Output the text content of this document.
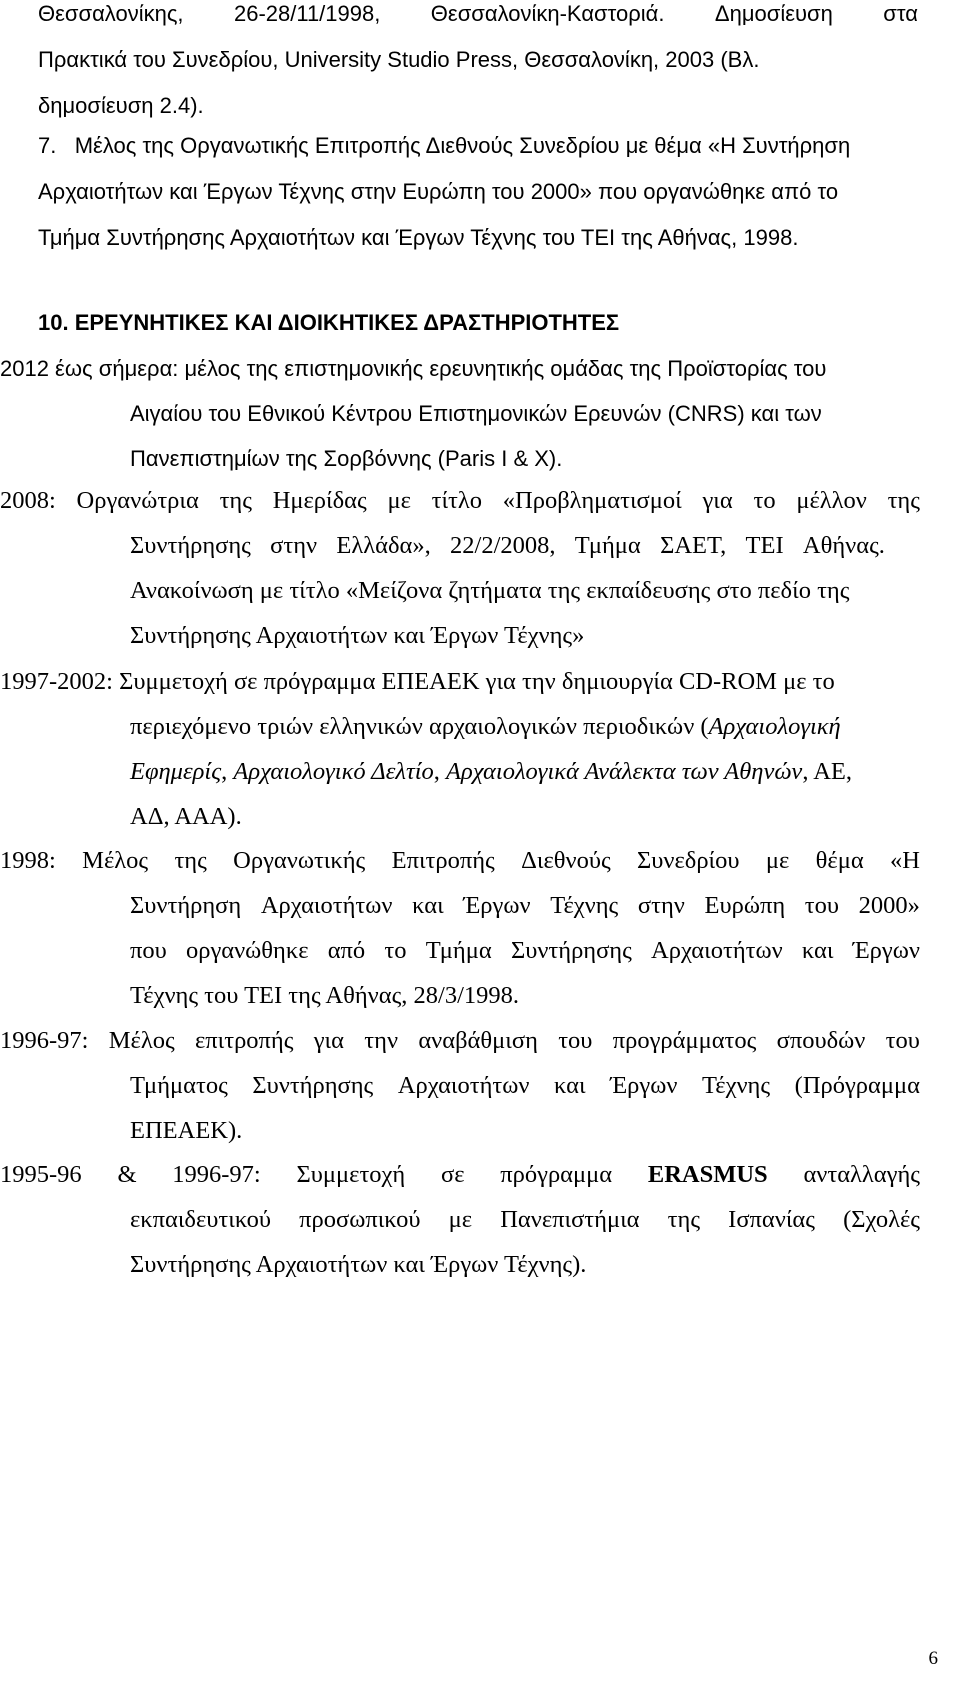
Θεσσαλονίκης, 26-28/11/1998, Θεσσαλονίκη-Καστοριά. Δημοσίευση στα
Πρακτικά του Συνεδρίου, University Studio Press, Θεσσαλονίκη, 2003 (Βλ.
δημοσίευση 2.4).
7. Μέλος της Οργανωτικής Επιτροπής Διεθνούς Συνεδρίου με θέμα «Η Συντήρηση
Αρχαιοτήτων και Έργων Τέχνης στην Ευρώπη του 2000» που οργανώθηκε από το
Τμήμα Συντήρησης Αρχαιοτήτων και Έργων Τέχνης του ΤΕΙ της Αθήνας, 1998.
10. ΕΡΕΥΝΗΤΙΚΕΣ ΚΑΙ ΔΙΟΙΚΗΤΙΚΕΣ ΔΡΑΣΤΗΡΙΟΤΗΤΕΣ
2012 έως σήμερα: μέλος της επιστημονικής ερευνητικής ομάδας της Προϊστορίας του
Αιγαίου του Εθνικού Κέντρου Επιστημονικών Ερευνών (CNRS) και των
Πανεπιστημίων της Σορβόννης (Paris I & X).
2008: Οργανώτρια της Ημερίδας με τίτλο «Προβληματισμοί για το μέλλον της
Συντήρησης στην Ελλάδα», 22/2/2008, Τμήμα ΣΑΕΤ, ΤΕΙ Αθήνας.
Ανακοίνωση με τίτλο «Μείζονα ζητήματα της εκπαίδευσης στο πεδίο της
Συντήρησης Αρχαιοτήτων και Έργων Τέχνης»
1997-2002: Συμμετοχή σε πρόγραμμα ΕΠΕΑΕΚ για την δημιουργία CD-ROM με το
περιεχόμενο τριών ελληνικών αρχαιολογικών περιοδικών (Αρχαιολογική
Εφημερίς, Αρχαιολογικό Δελτίο, Αρχαιολογικά Ανάλεκτα των Αθηνών, ΑΕ,
ΑΔ, ΑΑΑ).
1998: Μέλος της Οργανωτικής Επιτροπής Διεθνούς Συνεδρίου με θέμα «Η
Συντήρηση Αρχαιοτήτων και Έργων Τέχνης στην Ευρώπη του 2000»
που οργανώθηκε από το Τμήμα Συντήρησης Αρχαιοτήτων και Έργων
Τέχνης του ΤΕΙ της Αθήνας, 28/3/1998.
1996-97: Μέλος επιτροπής για την αναβάθμιση του προγράμματος σπουδών του
Τμήματος Συντήρησης Αρχαιοτήτων και Έργων Τέχνης (Πρόγραμμα
ΕΠΕΑΕΚ).
1995-96 & 1996-97: Συμμετοχή σε πρόγραμμα ERASMUS ανταλλαγής
εκπαιδευτικού προσωπικού με Πανεπιστήμια της Ισπανίας (Σχολές
Συντήρησης Αρχαιοτήτων και Έργων Τέχνης).
6
